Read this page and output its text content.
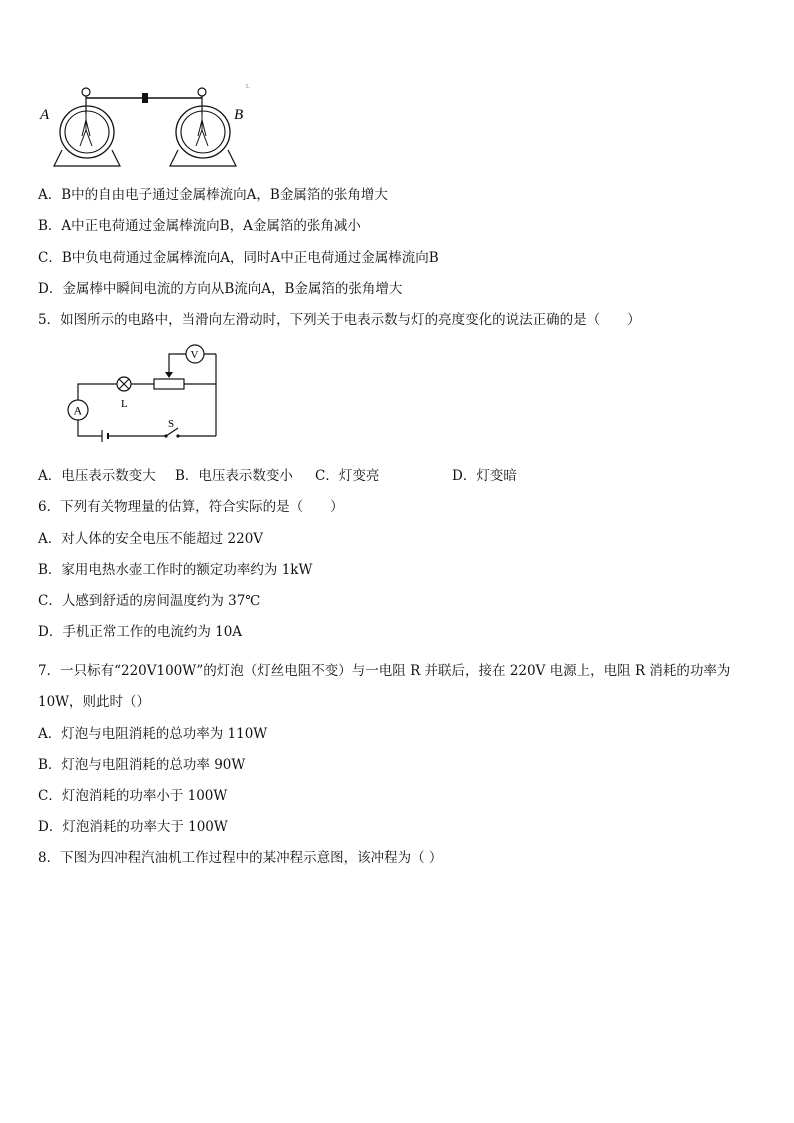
A	B
L
A．B中的自由电子通过金属棒流向A，B金属箔的张角增大
B．A中正电荷通过金属棒流向B，A金属箔的张角减小
C．B中负电荷通过金属棒流向A，同时A中正电荷通过金属棒流向B
D．金属棒中瞬间电流的方向从B流向A，B金属箔的张角增大
5．如图所示的电路中，当滑向左滑动时，下列关于电表示数与灯的亮度变化的说法正确的是（　　）
A	L
V
S
A．电压表示数变大 B．电压表示数变小 C．灯变亮	D．灯变暗
6．下列有关物理量的估算，符合实际的是（　　）
A．对人体的安全电压不能超过 220V
B．家用电热水壶工作时的额定功率约为 1kW
C．人感到舒适的房间温度约为 37℃
D．手机正常工作的电流约为 10A
7．一只标有“220V100W”的灯泡（灯丝电阻不变）与一电阻 R 并联后，接在 220V 电源上，电阻 R 消耗的功率为
10W，则此时（）
A．灯泡与电阻消耗的总功率为 110W
B．灯泡与电阻消耗的总功率 90W
C．灯泡消耗的功率小于 100W
D．灯泡消耗的功率大于 100W
8．下图为四冲程汽油机工作过程中的某冲程示意图，该冲程为（ ）
